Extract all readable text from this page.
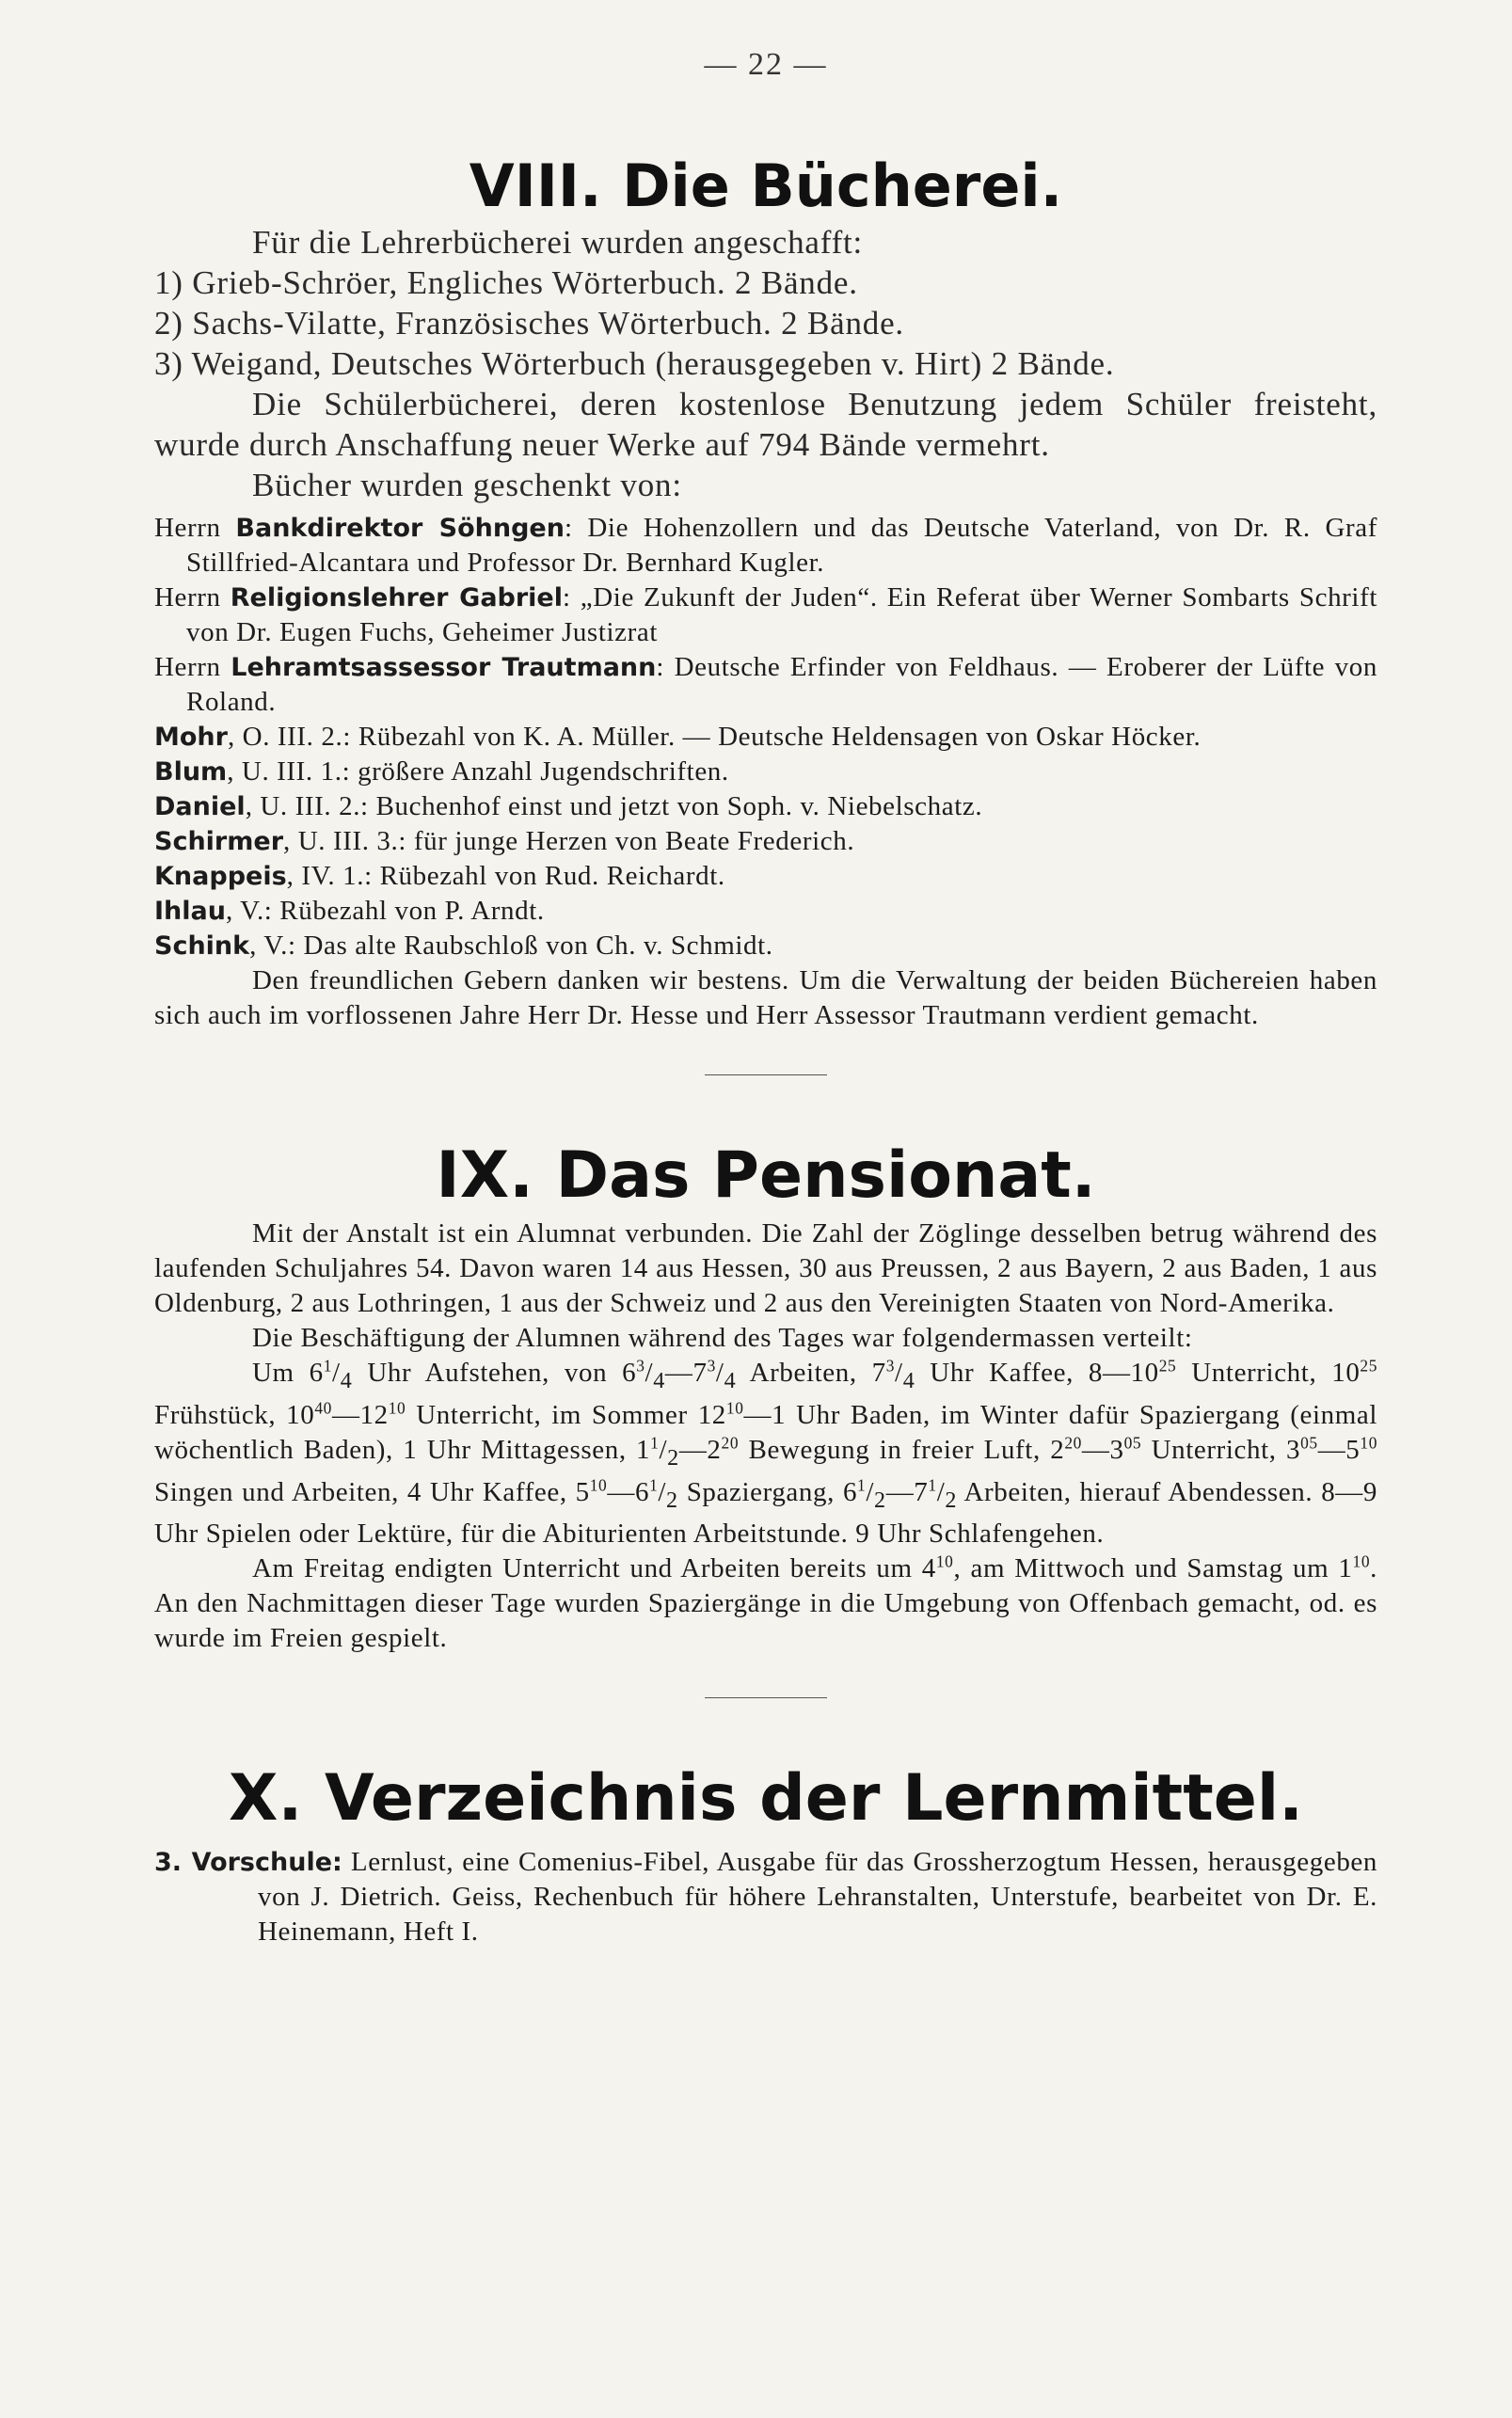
— 22 —
VIII. Die Bücherei.

Für die Lehrerbücherei wurden angeschafft:

1) Grieb-Schröer, Engliches Wörterbuch. 2 Bände.

2) Sachs-Vilatte, Französisches Wörterbuch. 2 Bände.

3) Weigand, Deutsches Wörterbuch (herausgegeben v. Hirt) 2 Bände.

Die Schülerbücherei, deren kostenlose Benutzung jedem Schüler freisteht, wurde durch Anschaffung neuer Werke auf 794 Bände vermehrt.

Bücher wurden geschenkt von:

Herrn Bankdirektor Söhngen: Die Hohenzollern und das Deutsche Vaterland, von Dr. R. Graf Stillfried-Alcantara und Professor Dr. Bernhard Kugler.

Herrn Religionslehrer Gabriel: „Die Zukunft der Juden“. Ein Referat über Werner Sombarts Schrift von Dr. Eugen Fuchs, Geheimer Justizrat

Herrn Lehramtsassessor Trautmann: Deutsche Erfinder von Feldhaus. — Eroberer der Lüfte von Roland.

Mohr, O. III. 2.: Rübezahl von K. A. Müller. — Deutsche Heldensagen von Oskar Höcker.

Blum, U. III. 1.: größere Anzahl Jugendschriften.

Daniel, U. III. 2.: Buchenhof einst und jetzt von Soph. v. Niebelschatz.

Schirmer, U. III. 3.: für junge Herzen von Beate Frederich.

Knappeis, IV. 1.: Rübezahl von Rud. Reichardt.

Ihlau, V.: Rübezahl von P. Arndt.

Schink, V.: Das alte Raubschloß von Ch. v. Schmidt.

Den freundlichen Gebern danken wir bestens. Um die Verwaltung der beiden Büchereien haben sich auch im vorflossenen Jahre Herr Dr. Hesse und Herr Assessor Trautmann verdient gemacht.

IX. Das Pensionat.

Mit der Anstalt ist ein Alumnat verbunden. Die Zahl der Zöglinge desselben betrug während des laufenden Schuljahres 54. Davon waren 14 aus Hessen, 30 aus Preussen, 2 aus Bayern, 2 aus Baden, 1 aus Oldenburg, 2 aus Lothringen, 1 aus der Schweiz und 2 aus den Vereinigten Staaten von Nord-Amerika.

Die Beschäftigung der Alumnen während des Tages war folgendermassen verteilt:

Um $6^1/_4$ Uhr Aufstehen, von $6^3/_4—7^3/_4$ Arbeiten, $7^3/_4$ Uhr Kaffee, $8—10^{25}$ Unterricht, $10^{25}$ Frühstück, $10^{40}—12^{10}$ Unterricht, im Sommer $12^{10}—1$ Uhr Baden, im Winter dafür Spaziergang (einmal wöchentlich Baden), 1 Uhr Mittagessen, $1^1/_2—2^{20}$ Bewegung in freier Luft, $2^{20}—3^{05}$ Unterricht, $3^{05}—5^{10}$ Singen und Arbeiten, 4 Uhr Kaffee, $5^{10}—6^1/_2$ Spaziergang, $6^1/_2—7^1/_2$ Arbeiten, hierauf Abendessen. 8—9 Uhr Spielen oder Lektüre, für die Abiturienten Arbeitstunde. 9 Uhr Schlafengehen.

Am Freitag endigten Unterricht und Arbeiten bereits um $4^{10}$, am Mittwoch und Samstag um $1^{10}$. An den Nachmittagen dieser Tage wurden Spaziergänge in die Umgebung von Offenbach gemacht, od. es wurde im Freien gespielt.

X. Verzeichnis der Lernmittel.

3. Vorschule: Lernlust, eine Comenius-Fibel, Ausgabe für das Grossherzogtum Hessen, herausgegeben von J. Dietrich. Geiss, Rechenbuch für höhere Lehranstalten, Unterstufe, bearbeitet von Dr. E. Heinemann, Heft I.
